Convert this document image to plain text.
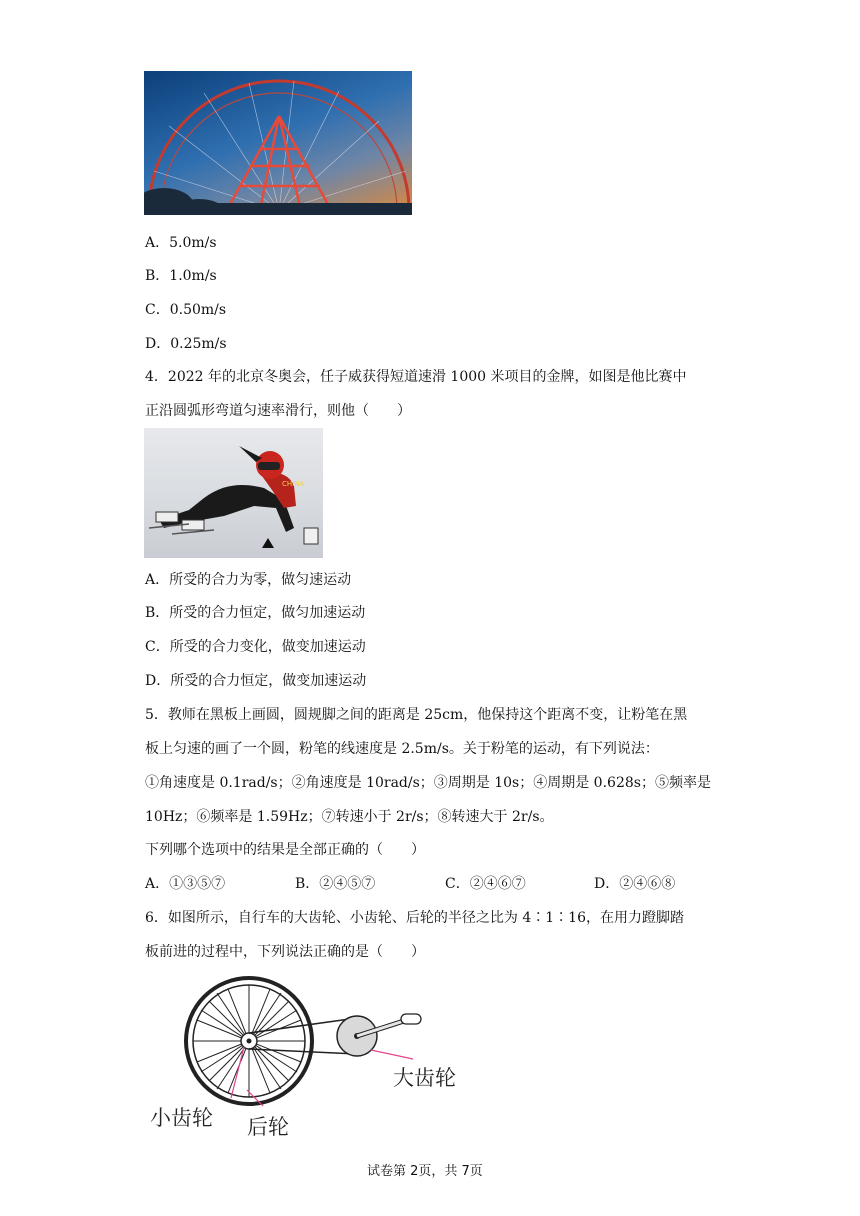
A．5.0m/s
B．1.0m/s
C．0.50m/s
D．0.25m/s
4．2022 年的北京冬奥会，任子威获得短道速滑 1000 米项目的金牌，如图是他比赛中
正沿圆弧形弯道匀速率滑行，则他（　　）
CHINA
A．所受的合力为零，做匀速运动
B．所受的合力恒定，做匀加速运动
C．所受的合力变化，做变加速运动
D．所受的合力恒定，做变加速运动
5．教师在黑板上画圆，圆规脚之间的距离是 25cm，他保持这个距离不变，让粉笔在黑
板上匀速的画了一个圆，粉笔的线速度是 2.5m/s。关于粉笔的运动，有下列说法：
①角速度是 0.1rad/s；②角速度是 10rad/s；③周期是 10s；④周期是 0.628s；⑤频率是
10Hz；⑥频率是 1.59Hz；⑦转速小于 2r/s；⑧转速大于 2r/s。
下列哪个选项中的结果是全部正确的（　　）
A．①③⑤⑦	B．②④⑤⑦	C．②④⑥⑦	D．②④⑥⑧
6．如图所示，自行车的大齿轮、小齿轮、后轮的半径之比为 4∶1∶16，在用力蹬脚踏
板前进的过程中，下列说法正确的是（　　）
大齿轮
小齿轮 后轮
试卷第 2页，共 7页
